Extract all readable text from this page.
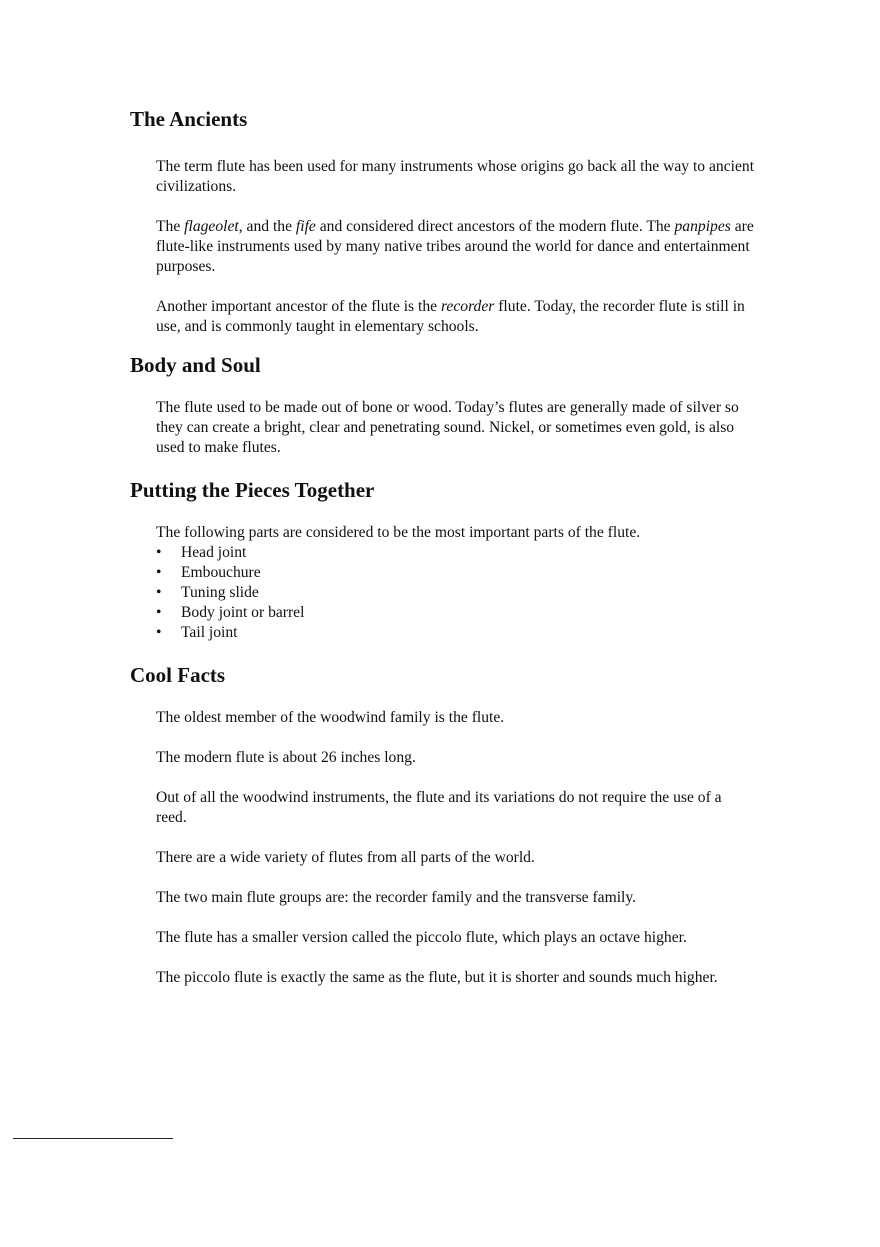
The Ancients

The term flute has been used for many instruments whose origins go back all the way to ancient civilizations.

The flageolet, and the fife and considered direct ancestors of the modern flute. The panpipes are flute-like instruments used by many native tribes around the world for dance and entertainment purposes.

Another important ancestor of the flute is the recorder flute. Today, the recorder flute is still in use, and is commonly taught in elementary schools.

Body and Soul

The flute used to be made out of bone or wood. Today’s flutes are generally made of silver so they can create a bright, clear and penetrating sound. Nickel, or sometimes even gold, is also used to make flutes.

Putting the Pieces Together

The following parts are considered to be the most important parts of the flute.

• Head joint
• Embouchure
• Tuning slide
• Body joint or barrel
• Tail joint
Cool Facts

The oldest member of the woodwind family is the flute.

The modern flute is about 26 inches long.

Out of all the woodwind instruments, the flute and its variations do not require the use of a reed.

There are a wide variety of flutes from all parts of the world.

The two main flute groups are: the recorder family and the transverse family.

The flute has a smaller version called the piccolo flute, which plays an octave higher.

The piccolo flute is exactly the same as the flute, but it is shorter and sounds much higher.
